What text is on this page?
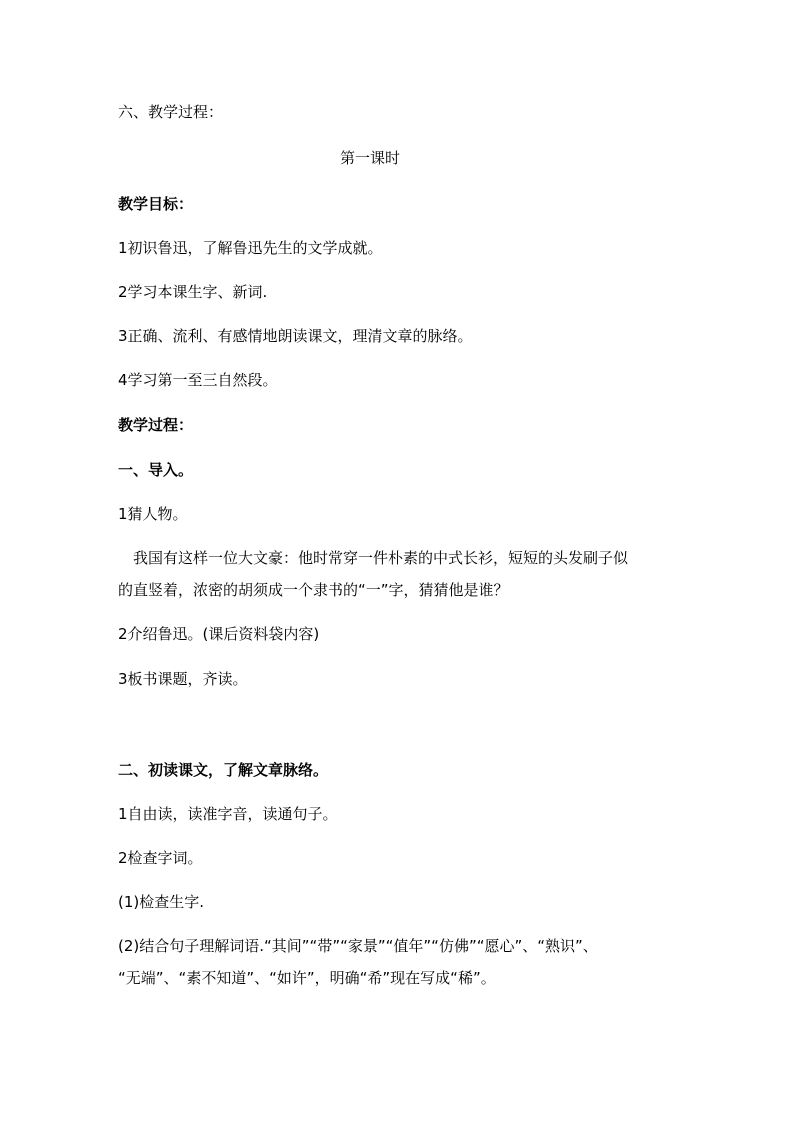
六、教学过程：
第一课时
教学目标：
1初识鲁迅，了解鲁迅先生的文学成就。
2学习本课生字、新词.
3正确、流利、有感情地朗读课文，理清文章的脉络。
4学习第一至三自然段。
教学过程：
一、导入。
1猜人物。
我国有这样一位大文豪：他时常穿一件朴素的中式长衫，短短的头发刷子似
的直竖着，浓密的胡须成一个隶书的“一”字，猜猜他是谁？
2介绍鲁迅。(课后资料袋内容)
3板书课题，齐读。
二、初读课文，了解文章脉络。
1自由读，读准字音，读通句子。
2检查字词。
(1)检查生字.
(2)结合句子理解词语.“其间”“带”“家景”“值年”“仿佛”“愿心”、“熟识”、
“无端”、“素不知道”、“如许”，明确“希”现在写成“稀”。
